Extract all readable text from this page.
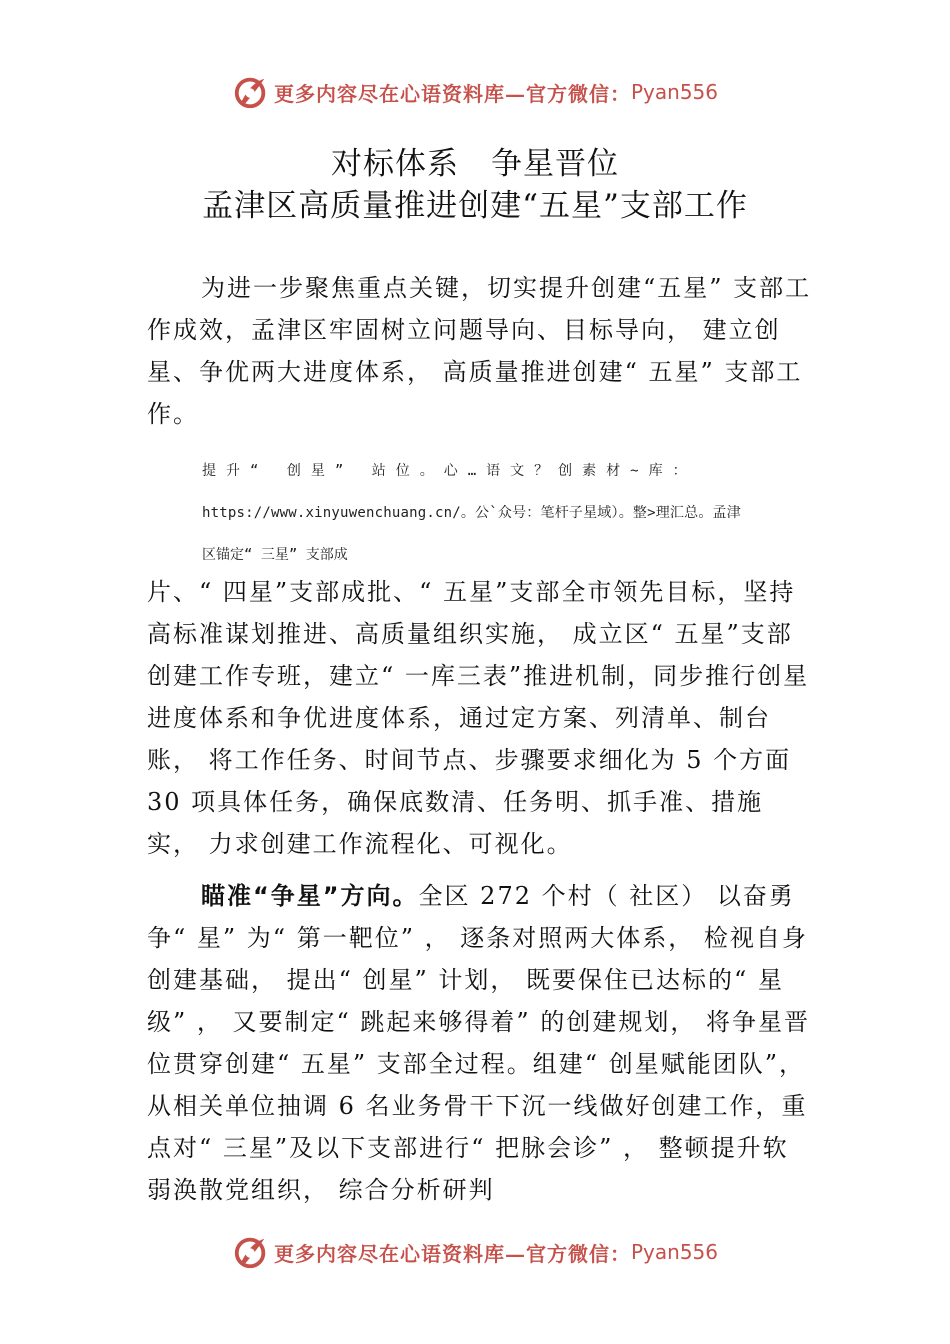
更多内容尽在心语资料库—官方微信： Pyan556
对标体系　争星晋位
孟津区高质量推进创建“五星”支部工作

为进一步聚焦重点关键，切实提升创建“五星” 支部工作成效，孟津区牢固树立问题导向、目标导向， 建立创星、争优两大进度体系， 高质量推进创建“ 五星” 支部工作。

提升“ 创星” 站位。心…语文？创素材~库：
https://www.xinyuwenchuang.cn/。公`众号：笔杆子星域）。整>理汇总。孟津
区锚定“ 三星” 支部成

片、“ 四星”支部成批、“ 五星”支部全市领先目标，坚持高标准谋划推进、高质量组织实施， 成立区“ 五星”支部创建工作专班，建立“ 一库三表”推进机制，同步推行创星进度体系和争优进度体系，通过定方案、列清单、制台账， 将工作任务、时间节点、步骤要求细化为 5 个方面 30 项具体任务，确保底数清、任务明、抓手准、措施实， 力求创建工作流程化、可视化。

瞄准“争星”方向。全区 272 个村（ 社区） 以奋勇争“ 星” 为“ 第一靶位” ， 逐条对照两大体系， 检视自身创建基础， 提出“ 创星” 计划， 既要保住已达标的“ 星级” ， 又要制定“ 跳起来够得着” 的创建规划， 将争星晋位贯穿创建“ 五星” 支部全过程。组建“ 创星赋能团队”，从相关单位抽调 6 名业务骨干下沉一线做好创建工作，重点对“ 三星”及以下支部进行“ 把脉会诊” ， 整顿提升软弱涣散党组织， 综合分析研判

更多内容尽在心语资料库—官方微信： Pyan556
